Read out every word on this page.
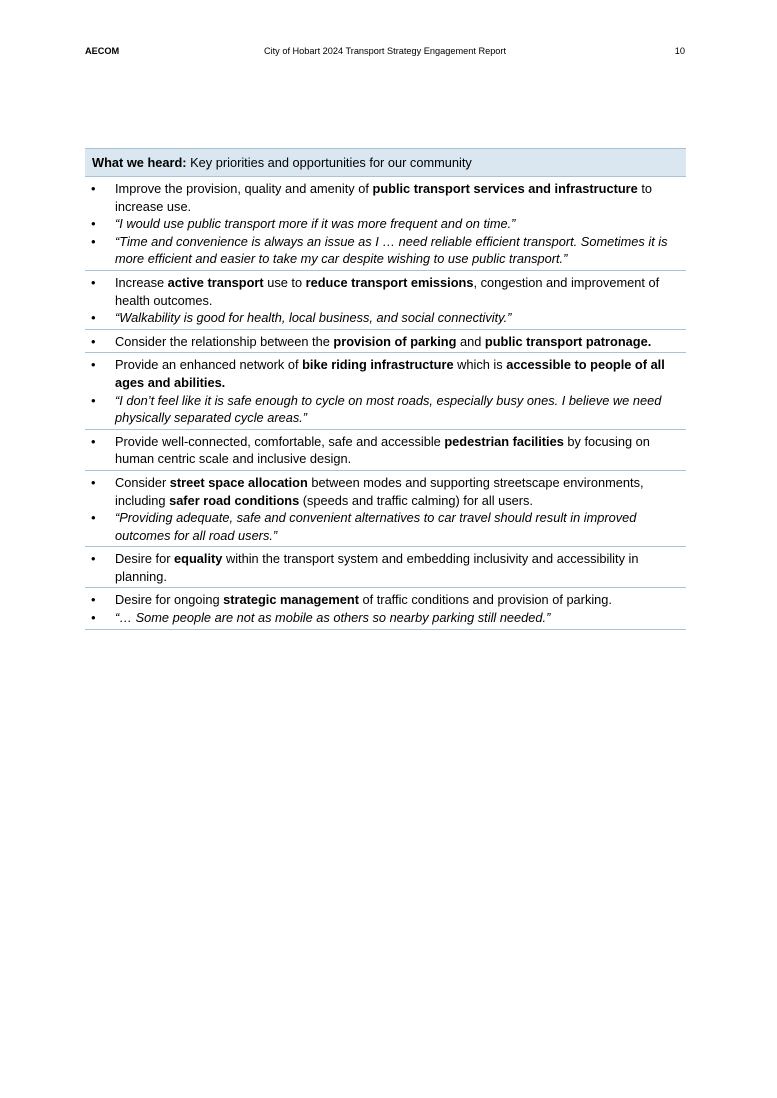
AECOM	City of Hobart 2024 Transport Strategy Engagement Report	10
What we heard: Key priorities and opportunities for our community
• Improve the provision, quality and amenity of public transport services and infrastructure to increase use.
• “I would use public transport more if it was more frequent and on time.”
• “Time and convenience is always an issue as I … need reliable efficient transport. Sometimes it is more efficient and easier to take my car despite wishing to use public transport.”
• Increase active transport use to reduce transport emissions, congestion and improvement of health outcomes.
• “Walkability is good for health, local business, and social connectivity.”
• Consider the relationship between the provision of parking and public transport patronage.
• Provide an enhanced network of bike riding infrastructure which is accessible to people of all ages and abilities.
• “I don’t feel like it is safe enough to cycle on most roads, especially busy ones. I believe we need physically separated cycle areas.”
• Provide well-connected, comfortable, safe and accessible pedestrian facilities by focusing on human centric scale and inclusive design.
• Consider street space allocation between modes and supporting streetscape environments, including safer road conditions (speeds and traffic calming) for all users.
• “Providing adequate, safe and convenient alternatives to car travel should result in improved outcomes for all road users.”
• Desire for equality within the transport system and embedding inclusivity and accessibility in planning.
• Desire for ongoing strategic management of traffic conditions and provision of parking.
• “… Some people are not as mobile as others so nearby parking still needed.”
